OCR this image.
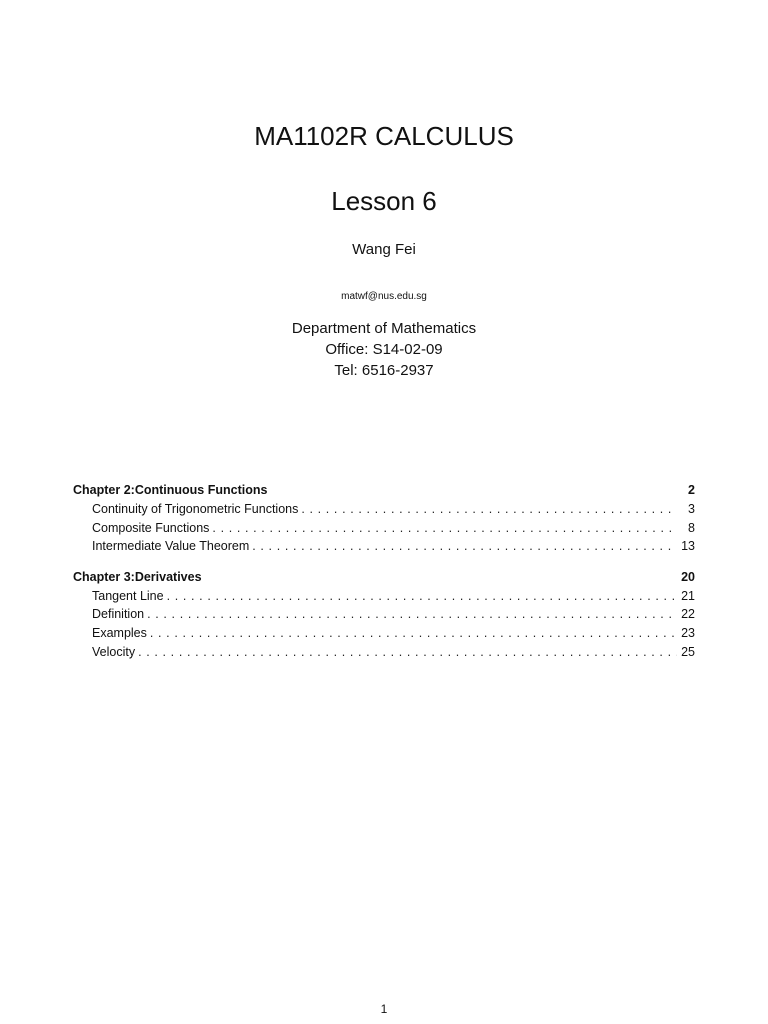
MA1102R CALCULUS
Lesson 6
Wang Fei
matwf@nus.edu.sg
Department of Mathematics
Office: S14-02-09
Tel: 6516-2937
Chapter 2:Continuous Functions	2
Continuity of Trigonometric Functions . . .	3
Composite Functions . . .	8
Intermediate Value Theorem . . .	13
Chapter 3:Derivatives	20
Tangent Line . . .	21
Definition . . .	22
Examples . . .	23
Velocity . . .	25
1
